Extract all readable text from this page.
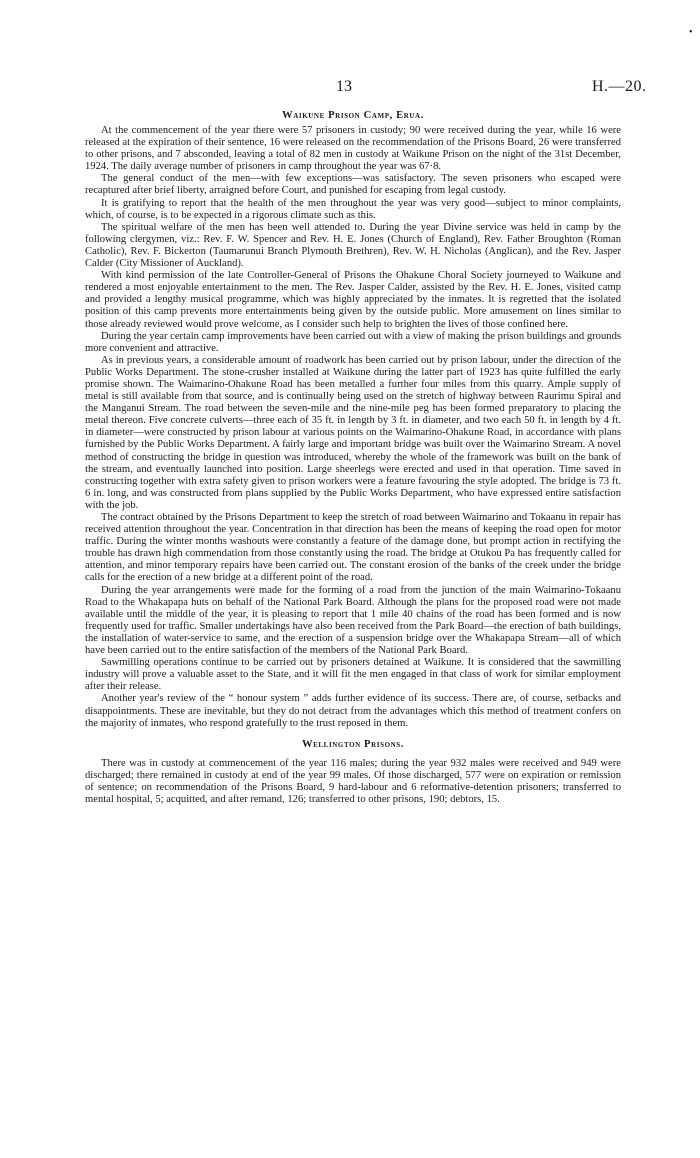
•
13	H.—20.
Waikune Prison Camp, Erua.

At the commencement of the year there were 57 prisoners in custody; 90 were received during the year, while 16 were released at the expiration of their sentence, 16 were released on the recommendation of the Prisons Board, 26 were transferred to other prisons, and 7 absconded, leaving a total of 82 men in custody at Waikune Prison on the night of the 31st December, 1924. The daily average number of prisoners in camp throughout the year was 67·8.

The general conduct of the men—with few exceptions—was satisfactory. The seven prisoners who escaped were recaptured after brief liberty, arraigned before Court, and punished for escaping from legal custody.

It is gratifying to report that the health of the men throughout the year was very good—subject to minor complaints, which, of course, is to be expected in a rigorous climate such as this.

The spiritual welfare of the men has been well attended to. During the year Divine service was held in camp by the following clergymen, viz.: Rev. F. W. Spencer and Rev. H. E. Jones (Church of England), Rev. Father Broughton (Roman Catholic), Rev. F. Bickerton (Taumarunui Branch Plymouth Brethren), Rev. W. H. Nicholas (Anglican), and the Rev. Jasper Calder (City Missioner of Auckland).

With kind permission of the late Controller-General of Prisons the Ohakune Choral Society journeyed to Waikune and rendered a most enjoyable entertainment to the men. The Rev. Jasper Calder, assisted by the Rev. H. E. Jones, visited camp and provided a lengthy musical programme, which was highly appreciated by the inmates. It is regretted that the isolated position of this camp prevents more entertainments being given by the outside public. More amusement on lines similar to those already reviewed would prove welcome, as I consider such help to brighten the lives of those confined here.

During the year certain camp improvements have been carried out with a view of making the prison buildings and grounds more convenient and attractive.

As in previous years, a considerable amount of roadwork has been carried out by prison labour, under the direction of the Public Works Department. The stone-crusher installed at Waikune during the latter part of 1923 has quite fulfilled the early promise shown. The Waimarino-Ohakune Road has been metalled a further four miles from this quarry. Ample supply of metal is still available from that source, and is continually being used on the stretch of highway between Raurimu Spiral and the Manganui Stream. The road between the seven-mile and the nine-mile peg has been formed preparatory to placing the metal thereon. Five concrete culverts—three each of 35 ft. in length by 3 ft. in diameter, and two each 50 ft. in length by 4 ft. in diameter—were constructed by prison labour at various points on the Waimarino-Ohakune Road, in accordance with plans furnished by the Public Works Department. A fairly large and important bridge was built over the Waimarino Stream. A novel method of constructing the bridge in question was introduced, whereby the whole of the framework was built on the bank of the stream, and eventually launched into position. Large sheerlegs were erected and used in that operation. Time saved in constructing together with extra safety given to prison workers were a feature favouring the style adopted. The bridge is 73 ft. 6 in. long, and was constructed from plans supplied by the Public Works Department, who have expressed entire satisfaction with the job.

The contract obtained by the Prisons Department to keep the stretch of road between Waimarino and Tokaanu in repair has received attention throughout the year. Concentration in that direction has been the means of keeping the road open for motor traffic. During the winter months washouts were constantly a feature of the damage done, but prompt action in rectifying the trouble has drawn high commendation from those constantly using the road. The bridge at Otukou Pa has frequently called for attention, and minor temporary repairs have been carried out. The constant erosion of the banks of the creek under the bridge calls for the erection of a new bridge at a different point of the road.

During the year arrangements were made for the forming of a road from the junction of the main Waimarino-Tokaanu Road to the Whakapapa huts on behalf of the National Park Board. Although the plans for the proposed road were not made available until the middle of the year, it is pleasing to report that 1 mile 40 chains of the road has been formed and is now frequently used for traffic. Smaller undertakings have also been received from the Park Board—the erection of bath buildings, the installation of water-service to same, and the erection of a suspension bridge over the Whakapapa Stream—all of which have been carried out to the entire satisfaction of the members of the National Park Board.

Sawmilling operations continue to be carried out by prisoners detained at Waikune. It is considered that the sawmilling industry will prove a valuable asset to the State, and it will fit the men engaged in that class of work for similar employment after their release.

Another year's review of the “ honour system ” adds further evidence of its success. There are, of course, setbacks and disappointments. These are inevitable, but they do not detract from the advantages which this method of treatment confers on the majority of inmates, who respond gratefully to the trust reposed in them.

Wellington Prisons.

There was in custody at commencement of the year 116 males; during the year 932 males were received and 949 were discharged; there remained in custody at end of the year 99 males. Of those discharged, 577 were on expiration or remission of sentence; on recommendation of the Prisons Board, 9 hard-labour and 6 reformative-detention prisoners; transferred to mental hospital, 5; acquitted, and after remand, 126; transferred to other prisons, 190; debtors, 15.
